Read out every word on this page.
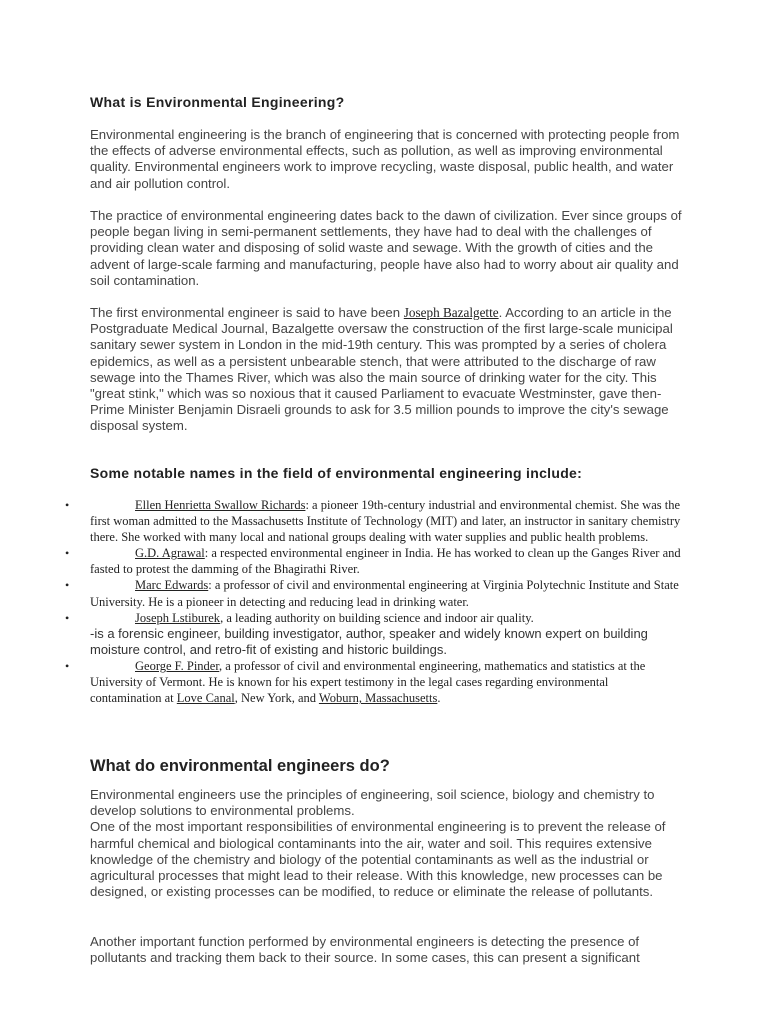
What is Environmental Engineering?

Environmental engineering is the branch of engineering that is concerned with protecting people from the effects of adverse environmental effects, such as pollution, as well as improving environmental quality. Environmental engineers work to improve recycling, waste disposal, public health, and water and air pollution control.

The practice of environmental engineering dates back to the dawn of civilization. Ever since groups of people began living in semi-permanent settlements, they have had to deal with the challenges of providing clean water and disposing of solid waste and sewage. With the growth of cities and the advent of large-scale farming and manufacturing, people have also had to worry about air quality and soil contamination.

The first environmental engineer is said to have been Joseph Bazalgette. According to an article in the Postgraduate Medical Journal, Bazalgette oversaw the construction of the first large-scale municipal sanitary sewer system in London in the mid-19th century. This was prompted by a series of cholera epidemics, as well as a persistent unbearable stench, that were attributed to the discharge of raw sewage into the Thames River, which was also the main source of drinking water for the city. This "great stink," which was so noxious that it caused Parliament to evacuate Westminster, gave then-Prime Minister Benjamin Disraeli grounds to ask for 3.5 million pounds to improve the city's sewage disposal system.

Some notable names in the field of environmental engineering include:
•	Ellen Henrietta Swallow Richards: a pioneer 19th-century industrial and environmental chemist. She was the first woman admitted to the Massachusetts Institute of Technology (MIT) and later, an instructor in sanitary chemistry there. She worked with many local and national groups dealing with water supplies and public health problems.
•	G.D. Agrawal: a respected environmental engineer in India. He has worked to clean up the Ganges River and fasted to protest the damming of the Bhagirathi River.
•	Marc Edwards: a professor of civil and environmental engineering at Virginia Polytechnic Institute and State University. He is a pioneer in detecting and reducing lead in drinking water.
•	Joseph Lstiburek, a leading authority on building science and indoor air quality.
-is a forensic engineer, building investigator, author, speaker and widely known expert on building moisture control, and retro-fit of existing and historic buildings.
•	George F. Pinder, a professor of civil and environmental engineering, mathematics and statistics at the University of Vermont. He is known for his expert testimony in the legal cases regarding environmental contamination at Love Canal, New York, and Woburn, Massachusetts.
What do environmental engineers do?
Environmental engineers use the principles of engineering, soil science, biology and chemistry to develop solutions to environmental problems.
One of the most important responsibilities of environmental engineering is to prevent the release of harmful chemical and biological contaminants into the air, water and soil. This requires extensive knowledge of the chemistry and biology of the potential contaminants as well as the industrial or agricultural processes that might lead to their release. With this knowledge, new processes can be designed, or existing processes can be modified, to reduce or eliminate the release of pollutants.

Another important function performed by environmental engineers is detecting the presence of pollutants and tracking them back to their source. In some cases, this can present a significant
